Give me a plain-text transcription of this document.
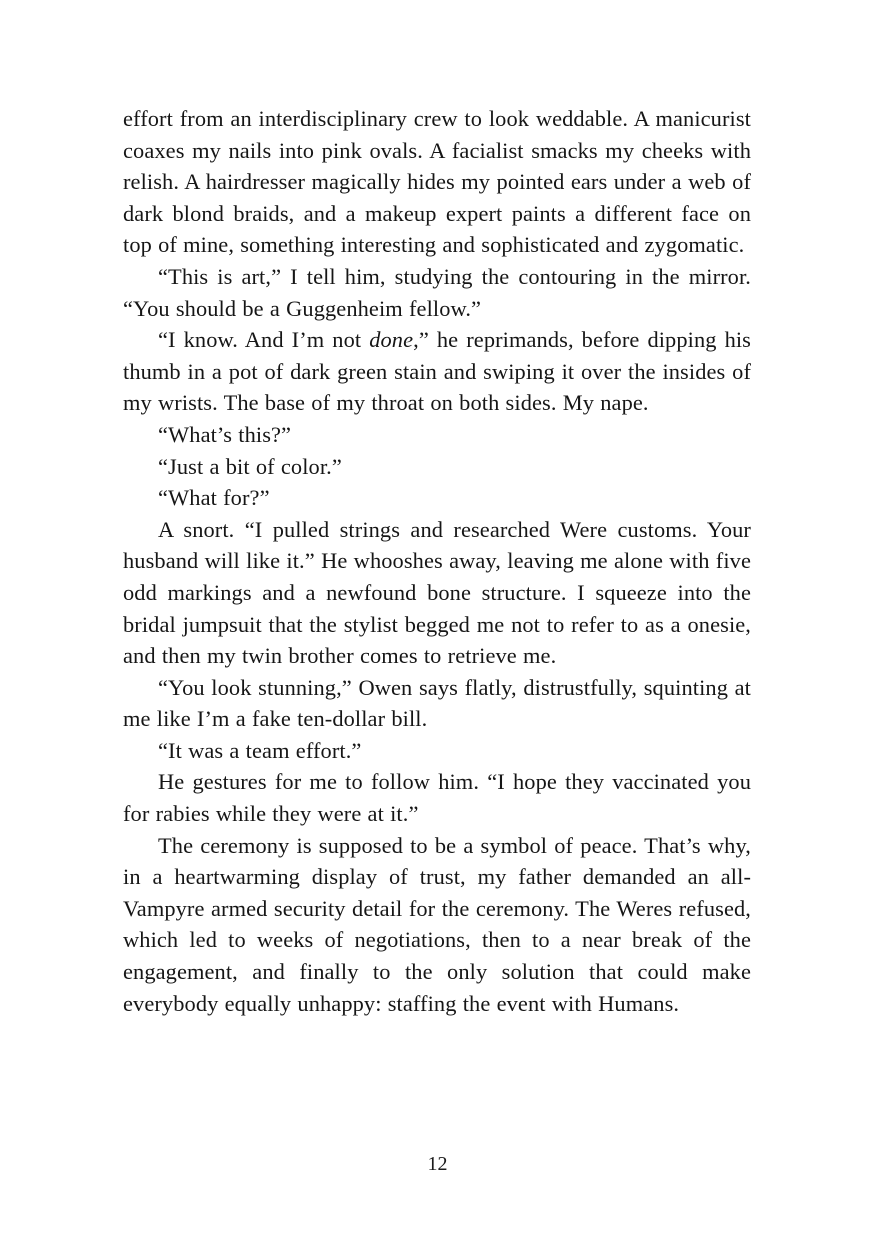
effort from an interdisciplinary crew to look weddable. A manicurist coaxes my nails into pink ovals. A facialist smacks my cheeks with relish. A hairdresser magically hides my pointed ears under a web of dark blond braids, and a makeup expert paints a different face on top of mine, something interesting and sophisticated and zygomatic.

“This is art,” I tell him, studying the contouring in the mirror. “You should be a Guggenheim fellow.”

“I know. And I’m not done,” he reprimands, before dipping his thumb in a pot of dark green stain and swiping it over the insides of my wrists. The base of my throat on both sides. My nape.

“What’s this?”

“Just a bit of color.”

“What for?”

A snort. “I pulled strings and researched Were customs. Your husband will like it.” He whooshes away, leaving me alone with five odd markings and a newfound bone structure. I squeeze into the bridal jumpsuit that the stylist begged me not to refer to as a onesie, and then my twin brother comes to retrieve me.

“You look stunning,” Owen says flatly, distrustfully, squinting at me like I’m a fake ten-dollar bill.

“It was a team effort.”

He gestures for me to follow him. “I hope they vaccinated you for rabies while they were at it.”

The ceremony is supposed to be a symbol of peace. That’s why, in a heartwarming display of trust, my father demanded an all-Vampyre armed security detail for the ceremony. The Weres refused, which led to weeks of negotiations, then to a near break of the engagement, and finally to the only solution that could make everybody equally unhappy: staffing the event with Humans.

12
